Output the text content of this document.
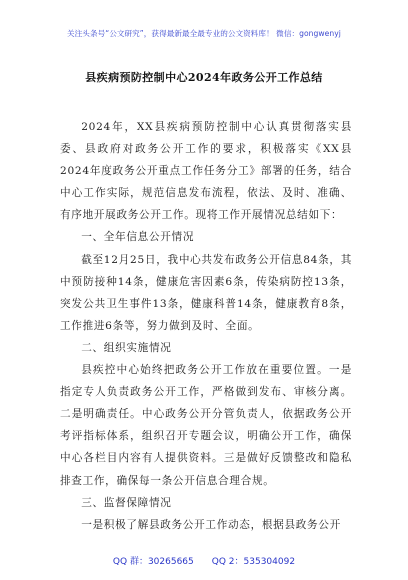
关注头条号“公文研究”，获得最新最全最专业的公文资料库！ 微信：gongwenyj
县疾病预防控制中心2024年政务公开工作总结

2024年，XX县疾病预防控制中心认真贯彻落实县委、县政府对政务公开工作的要求，积极落实《XX县2024年度政务公开重点工作任务分工》部署的任务，结合中心工作实际，规范信息发布流程，依法、及时、准确、有序地开展政务公开工作。现将工作开展情况总结如下：

一、全年信息公开情况

截至12月25日，我中心共发布政务公开信息84条，其中预防接种14条，健康危害因素6条，传染病防控13条，突发公共卫生事件13条，健康科普14条，健康教育8条，工作推进6条等，努力做到及时、全面。

二、组织实施情况

县疾控中心始终把政务公开工作放在重要位置。一是指定专人负责政务公开工作，严格做到发布、审核分离。二是明确责任。中心政务公开分管负责人，依据政务公开考评指标体系，组织召开专题会议，明确公开工作，确保中心各栏目内容有人提供资料。三是做好反馈整改和隐私排查工作，确保每一条公开信息合理合规。

三、监督保障情况

一是积极了解县政务公开工作动态，根据县政务公开

QQ 群：30265665 QQ 2：535304092
